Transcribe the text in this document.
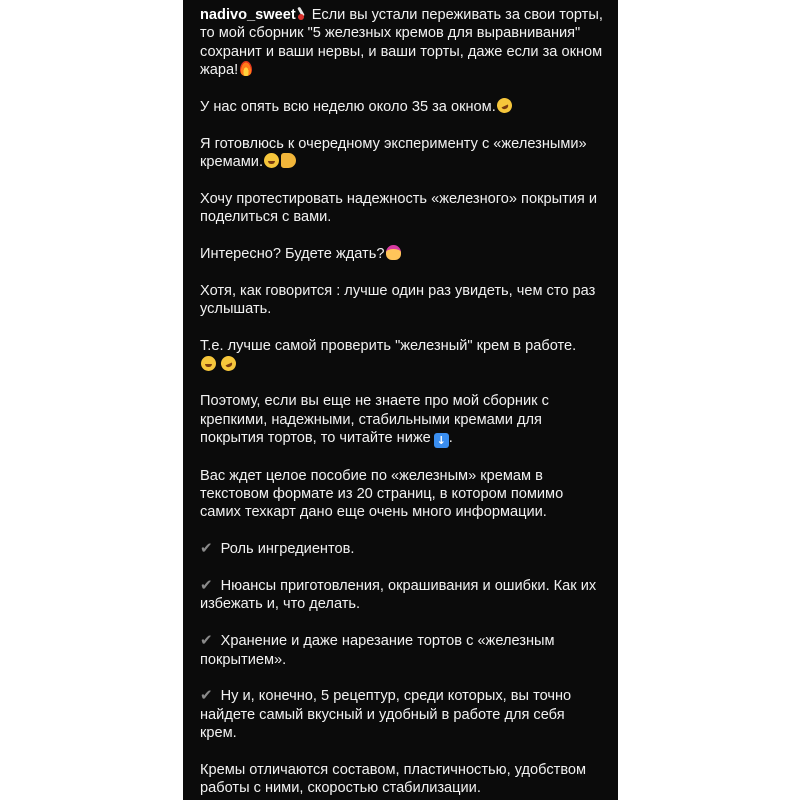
nadivo_sweet Если вы устали переживать за свои торты, то мой сборник "5 железных кремов для выравнивания" сохранит и ваши нервы, и ваши торты, даже если за окном жара!

У нас опять всю неделю около 35 за окном.

Я готовлюсь к очередному эксперименту с «железными» кремами.

Хочу протестировать надежность «железного» покрытия и поделиться с вами.

Интересно? Будете ждать?

Хотя, как говорится : лучше один раз увидеть, чем сто раз услышать.

Т.е. лучше самой проверить "железный" крем в работе.

Поэтому, если вы еще не знаете про мой сборник с крепкими, надежными, стабильными кремами для покрытия тортов, то читайте ниже ↓ .

Вас ждет целое пособие по «железным» кремам в текстовом формате из 20 страниц, в котором помимо самих техкарт дано еще очень много информации.

✔ Роль ингредиентов.

✔ Нюансы приготовления, окрашивания и ошибки. Как их избежать и, что делать.

✔ Хранение и даже нарезание тортов с «железным покрытием».

✔ Ну и, конечно, 5 рецептур, среди которых, вы точно найдете самый вкусный и удобный в работе для себя крем.

Кремы отличаются составом, пластичностью, удобством работы с ними, скоростью стабилизации.
